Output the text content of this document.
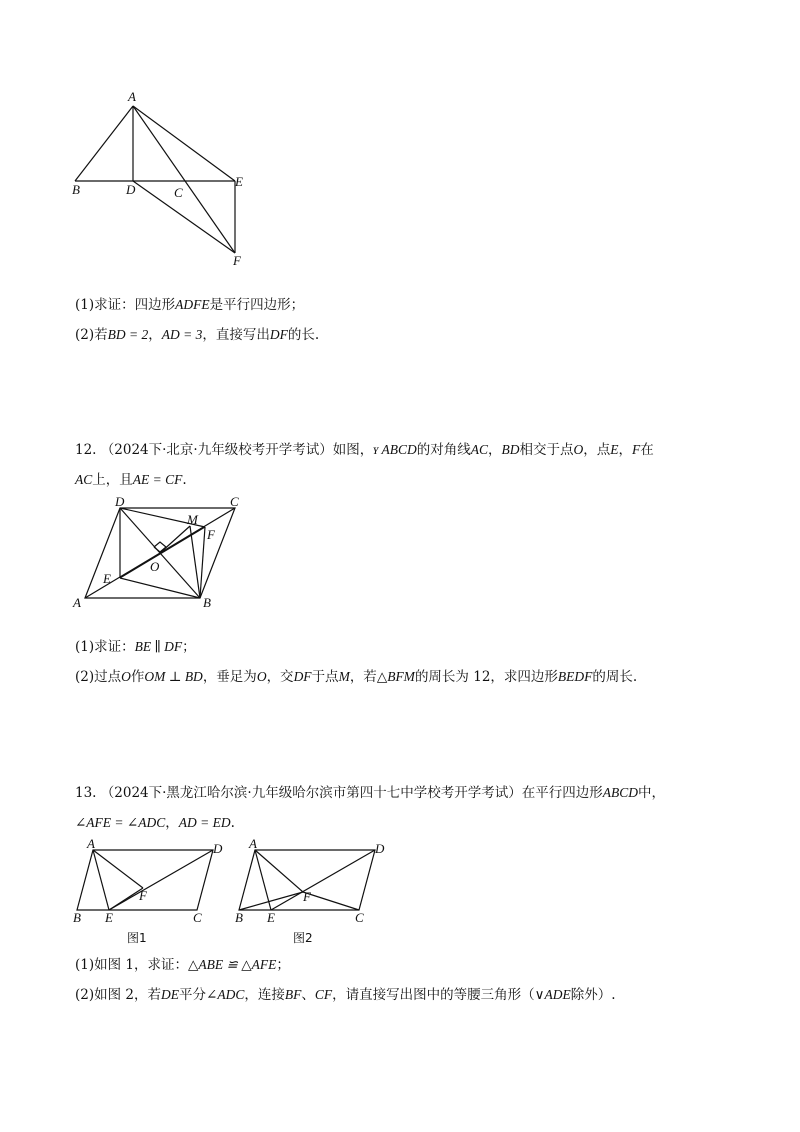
A
B	D	C
E
F
(1)求证：四边形ADFE是平行四边形；
(2)若BD = 2，AD = 3，直接写出DF的长.
12. （2024下·北京·九年级校考开学考试）如图，ʏ ABCD的对角线AC，BD相交于点O，点E，F在
AC上，且AE = CF.
D	C
M
F
O
E
A	B
(1)求证：BE ∥ DF；
(2)过点O作OM ⊥ BD，垂足为O，交DF于点M，若△BFM的周长为 12，求四边形BEDF的周长.
13. （2024下·黑龙江哈尔滨·九年级哈尔滨市第四十七中学校考开学考试）在平行四边形ABCD中，
∠AFE = ∠ADC，AD = ED.
A	D
F
B E	C
图1
A	D
F
B E	C
图2
(1)如图 1，求证：△ABE ≌ △AFE；
(2)如图 2，若DE平分∠ADC，连接BF、CF，请直接写出图中的等腰三角形（∨ADE除外）.
